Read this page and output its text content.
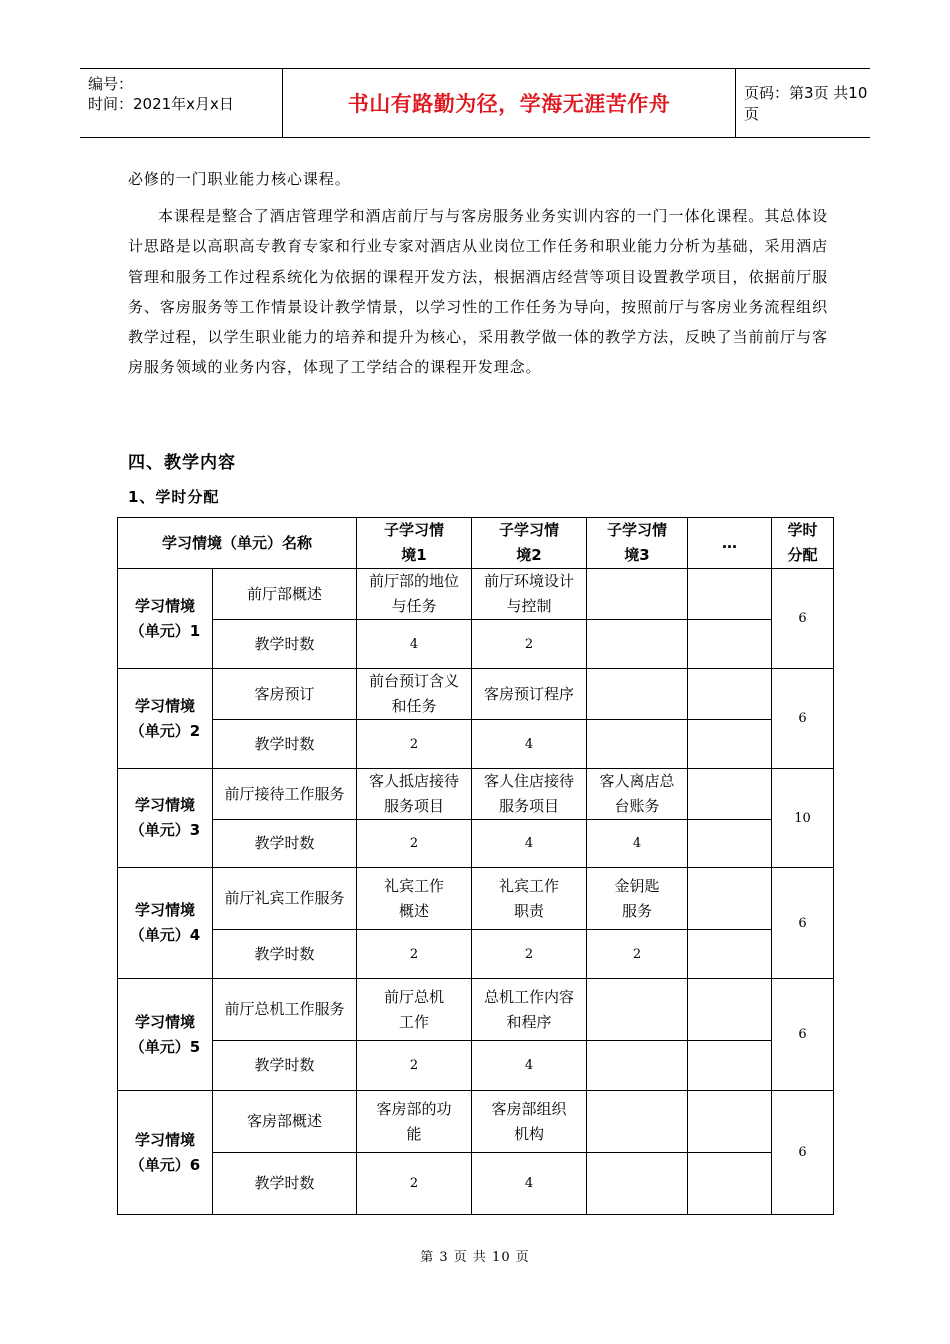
编号：
时间：2021年x月x日	书山有路勤为径，学海无涯苦作舟	页码：第3页 共10页

必修的一门职业能力核心课程。

本课程是整合了酒店管理学和酒店前厅与与客房服务业务实训内容的一门一体化课程。其总体设计思路是以高职高专教育专家和行业专家对酒店从业岗位工作任务和职业能力分析为基础，采用酒店管理和服务工作过程系统化为依据的课程开发方法，根据酒店经营等项目设置教学项目，依据前厅服务、客房服务等工作情景设计教学情景，以学习性的工作任务为导向，按照前厅与客房业务流程组织教学过程，以学生职业能力的培养和提升为核心，采用教学做一体的教学方法，反映了当前前厅与客房服务领域的业务内容，体现了工学结合的课程开发理念。

四、教学内容
1、学时分配
学习情境（单元）名称		子学习情境1	子学习情境2	子学习情境3	…	学时分配

学习情境（单元）1	前厅部概述	前厅部的地位与任务	前厅环境设计与控制			6
	教学时数	4	2			

学习情境（单元）2	客房预订	前台预订含义和任务	客房预订程序			6
	教学时数	2	4			

学习情境（单元）3	前厅接待工作服务	客人抵店接待服务项目	客人住店接待服务项目	客人离店总台账务		10
	教学时数	2	4	4		

学习情境（单元）4	前厅礼宾工作服务	礼宾工作概述	礼宾工作职责	金钥匙服务		6
	教学时数	2	2	2		

学习情境（单元）5	前厅总机工作服务	前厅总机工作	总机工作内容和程序			6
	教学时数	2	4			

学习情境（单元）6	客房部概述	客房部的功能	客房部组织机构			6
	教学时数	2	4			
第 3 页 共 10 页
